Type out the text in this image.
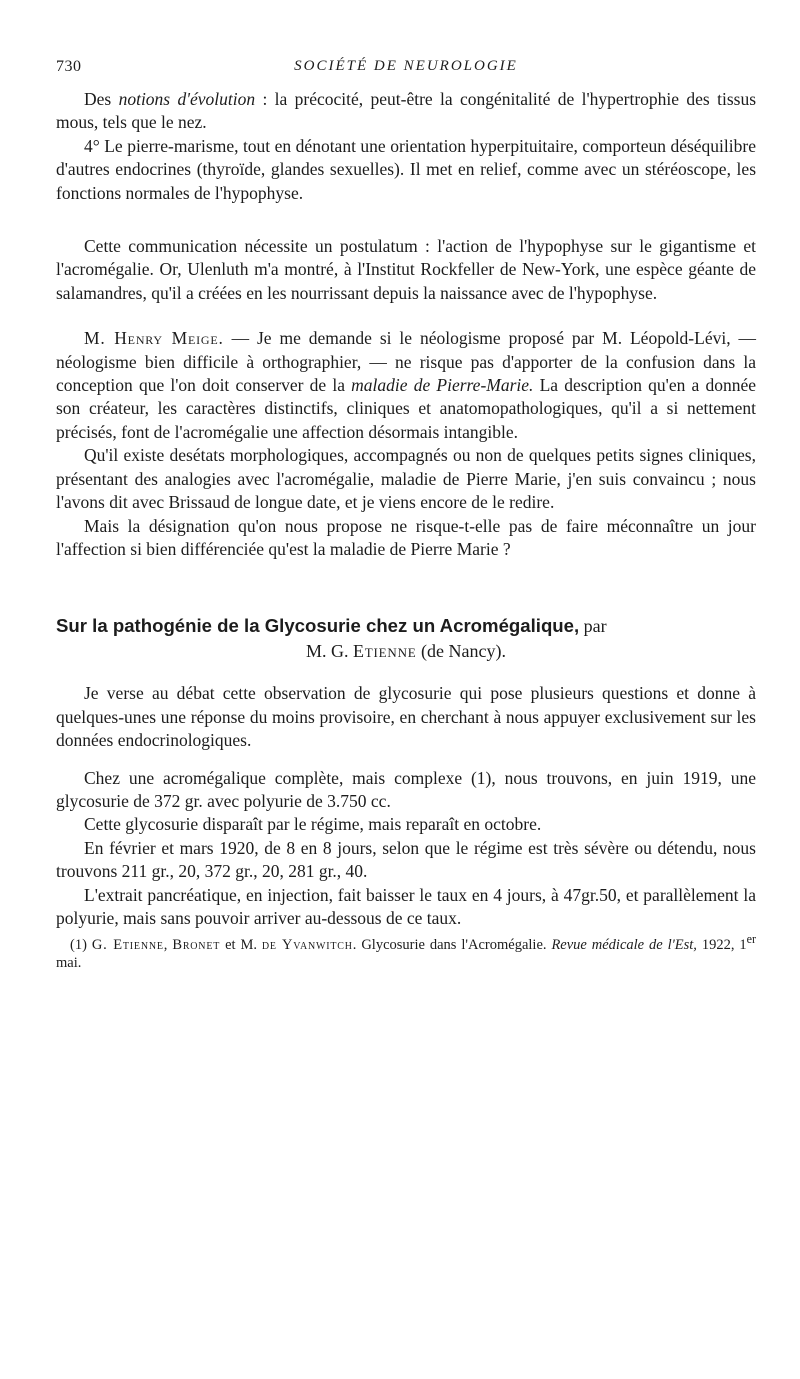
730	SOCIÉTÉ DE NEUROLOGIE

Des notions d'évolution : la précocité, peut-être la congénitalité de l'hypertrophie des tissus mous, tels que le nez.

4° Le pierre-marisme, tout en dénotant une orientation hyperpituitaire, comporteun déséquilibre d'autres endocrines (thyroïde, glandes sexuelles). Il met en relief, comme avec un stéréoscope, les fonctions normales de l'hypophyse.

Cette communication nécessite un postulatum : l'action de l'hypophyse sur le gigantisme et l'acromégalie. Or, Ulenluth m'a montré, à l'Institut Rockfeller de New-York, une espèce géante de salamandres, qu'il a créées en les nourrissant depuis la naissance avec de l'hypophyse.

M. Henry Meige. — Je me demande si le néologisme proposé par M. Léopold-Lévi, — néologisme bien difficile à orthographier, — ne risque pas d'apporter de la confusion dans la conception que l'on doit conserver de la maladie de Pierre-Marie. La description qu'en a donnée son créateur, les caractères distinctifs, cliniques et anatomopathologiques, qu'il a si nettement précisés, font de l'acromégalie une affection désormais intangible.

Qu'il existe desétats morphologiques, accompagnés ou non de quelques petits signes cliniques, présentant des analogies avec l'acromégalie, maladie de Pierre Marie, j'en suis convaincu ; nous l'avons dit avec Brissaud de longue date, et je viens encore de le redire.

Mais la désignation qu'on nous propose ne risque-t-elle pas de faire méconnaître un jour l'affection si bien différenciée qu'est la maladie de Pierre Marie ?

Sur la pathogénie de la Glycosurie chez un Acromégalique, par
M. G. Etienne (de Nancy).

Je verse au débat cette observation de glycosurie qui pose plusieurs questions et donne à quelques-unes une réponse du moins provisoire, en cherchant à nous appuyer exclusivement sur les données endocrinologiques.

Chez une acromégalique complète, mais complexe (1), nous trouvons, en juin 1919, une glycosurie de 372 gr. avec polyurie de 3.750 cc.

Cette glycosurie disparaît par le régime, mais reparaît en octobre.

En février et mars 1920, de 8 en 8 jours, selon que le régime est très sévère ou détendu, nous trouvons 211 gr., 20, 372 gr., 20, 281 gr., 40.

L'extrait pancréatique, en injection, fait baisser le taux en 4 jours, à 47gr.50, et parallèlement la polyurie, mais sans pouvoir arriver au-dessous de ce taux.

(1) G. Etienne, Bronet et M. de Yvanwitch. Glycosurie dans l'Acromégalie. Revue médicale de l'Est, 1922, 1er mai.
